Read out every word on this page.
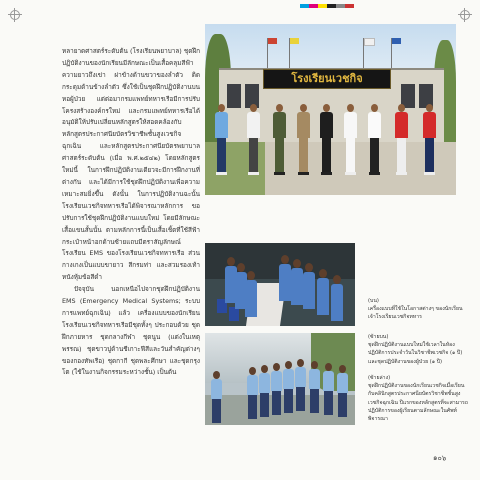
หลายาดศาสตร์ระดับต้น (โรงเรียนพยาบาล) ชุดฝึกปฏิบัติงานของนักเรียนมีลักษณะเป็นเสื้อคลุมสีฟ้า ความยาวถึงเข่า ผ่าข้างด้านขวาของลำตัว ติดกระดุมด้านข้างลำตัว ซึ่งใช้เป็นชุดฝึกปฏิบัติงานบนหอผู้ป่วย แต่ต่อมากรมแพทย์ทหารเรือมีการปรับโครงสร้างองค์กรใหม่ และกรมแพทย์ทหารเรือได้อนุมัติให้ปรับเปลี่ยนหลักสูตรให้สอดคล้องกับหลักสูตรประกาศนียบัตรวิชาชีพชั้นสูงเวชกิจฉุกเฉิน และหลักสูตรประกาศนียบัตรพยาบาลศาสตร์ระดับต้น (เมื่อ พ.ศ.๒๕๔๒) โดยหลักสูตรใหม่นี้ ในการฝึกปฏิบัติงานเดียวจะมีการฝึกงานที่ต่างกัน และได้มีการใช้ชุดฝึกปฏิบัติงานเพื่อความเหมาะสมยิ่งขึ้น ดังนั้น ในการปฏิบัติงานฉะนั้น โรงเรียนเวชกิจทหารเรือได้พิจารณาหลักการ ขอปรับการใช้ชุดฝึกปฏิบัติงานแบบใหม่ โดยมีลักษณะเสื้อแขนสั้นนั้น ตามหลักการนี้เป็นเสื้อเชิ้ตที่ใช้สีฟ้า กระเป๋าหน้าอกด้านซ้ายแถบมีตราสัญลักษณ์โรงเรียน EMS ของโรงเรียนเวชกิจทหารเรือ ส่วนกางเกงเป็นแบบขายาว สีกรมท่า และสวมรองเท้าหนังหุ้มข้อสีดำ

ปัจจุบัน นอกเหนือไปจากชุดฝึกปฏิบัติงาน EMS (Emergency Medical Systems; ระบบการแพทย์ฉุกเฉิน) แล้ว เครื่องแบบของนักเรียนโรงเรียนเวชกิจทหารเรือมีชุดทั้งๆ ประกอบด้วย ชุดฝึกภายหาร ชุดกลางกีฬา ชุดนูน (แต่งในเหตุพรรณ) ชุดขาวปูด้านชีเกาะฟีสีและวันสำคัญต่างๆ ของกองทัพเรือ) ชุดกากี ชุดพละศึกษา และชุดกรุงโต (ใช้ในงานกิจกรรมระหว่างชั้น) เป็นต้น

โรงเรียนเวชกิจ
(บน)
เครื่องแบบที่ใช้ในโอกาสต่างๆ ของนักเรียนเจ้าโรงเรียนเวชกิจทหาร
(ซ้ายบน)
ชุดฝึกปฏิบัติงานแบบใหม่ใช้เวลาในห้องปฏิบัติการประจำวันในวิชาชีพเวชกิจ (๑ ปี) และชุดปฏิบัติงานของผู้ป่วย (๑ ปี)
(ซ้ายล่าง)
ชุดฝึกปฏิบัติงานของนักเรียนเวชกิจเมื่อเรียนกับคลินิกสูตรประกาศนียบัตรวิชาชีพชั้นสูงเวชกิจฉุกเฉิน ปีแรกของหลักสูตรที่จะสามารถปฏิบัติการของผู้เรียนตามลักษณะในศัพท์พิจารณา
๑๐๖
